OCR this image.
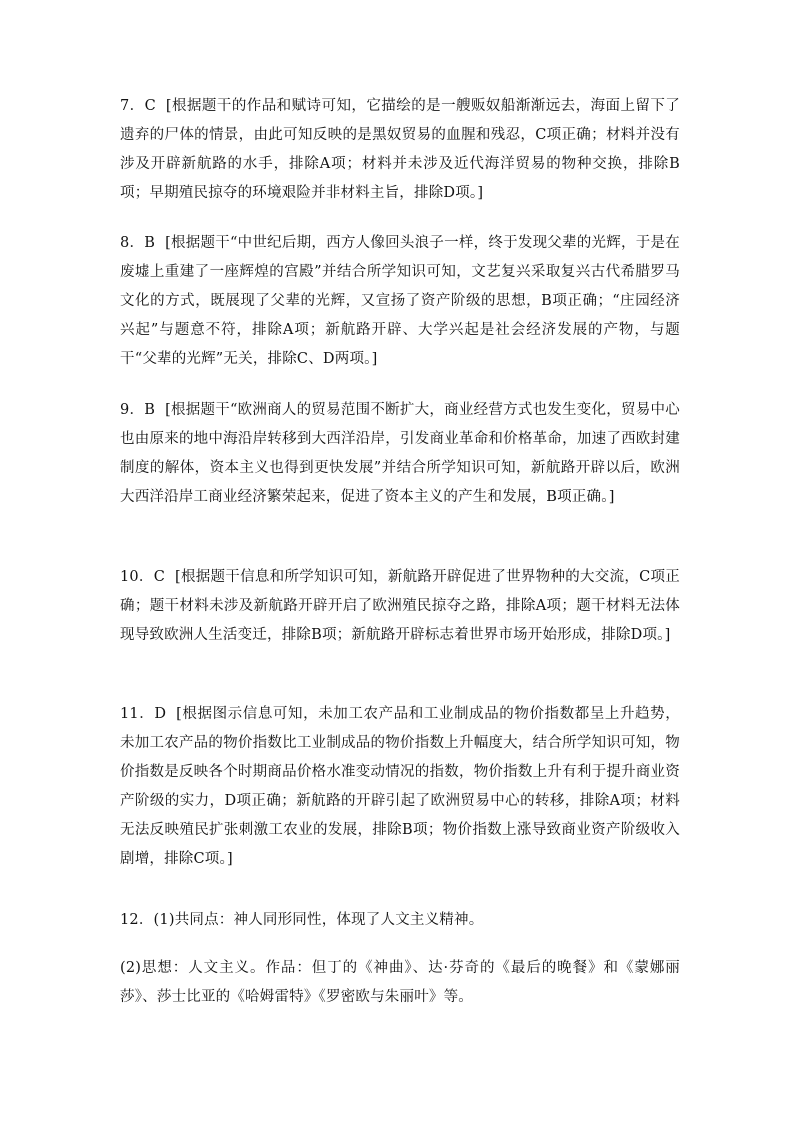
7．C [根据题干的作品和赋诗可知，它描绘的是一艘贩奴船渐渐远去，海面上留下了遗弃的尸体的情景，由此可知反映的是黑奴贸易的血腥和残忍，C项正确；材料并没有涉及开辟新航路的水手，排除A项；材料并未涉及近代海洋贸易的物种交换，排除B项；早期殖民掠夺的环境艰险并非材料主旨，排除D项。]

8．B [根据题干“中世纪后期，西方人像回头浪子一样，终于发现父辈的光辉，于是在废墟上重建了一座辉煌的宫殿”并结合所学知识可知，文艺复兴采取复兴古代希腊罗马文化的方式，既展现了父辈的光辉，又宣扬了资产阶级的思想，B项正确；“庄园经济兴起”与题意不符，排除A项；新航路开辟、大学兴起是社会经济发展的产物，与题干“父辈的光辉”无关，排除C、D两项。]

9．B [根据题干“欧洲商人的贸易范围不断扩大，商业经营方式也发生变化，贸易中心也由原来的地中海沿岸转移到大西洋沿岸，引发商业革命和价格革命，加速了西欧封建制度的解体，资本主义也得到更快发展”并结合所学知识可知，新航路开辟以后，欧洲大西洋沿岸工商业经济繁荣起来，促进了资本主义的产生和发展，B项正确。]

10．C [根据题干信息和所学知识可知，新航路开辟促进了世界物种的大交流，C项正确；题干材料未涉及新航路开辟开启了欧洲殖民掠夺之路，排除A项；题干材料无法体现导致欧洲人生活变迁，排除B项；新航路开辟标志着世界市场开始形成，排除D项。]

11．D [根据图示信息可知，未加工农产品和工业制成品的物价指数都呈上升趋势，未加工农产品的物价指数比工业制成品的物价指数上升幅度大，结合所学知识可知，物价指数是反映各个时期商品价格水准变动情况的指数，物价指数上升有利于提升商业资产阶级的实力，D项正确；新航路的开辟引起了欧洲贸易中心的转移，排除A项；材料无法反映殖民扩张刺激工农业的发展，排除B项；物价指数上涨导致商业资产阶级收入剧增，排除C项。]

12．(1)共同点：神人同形同性，体现了人文主义精神。

(2)思想：人文主义。作品：但丁的《神曲》、达·芬奇的《最后的晚餐》和《蒙娜丽莎》、莎士比亚的《哈姆雷特》《罗密欧与朱丽叶》等。
